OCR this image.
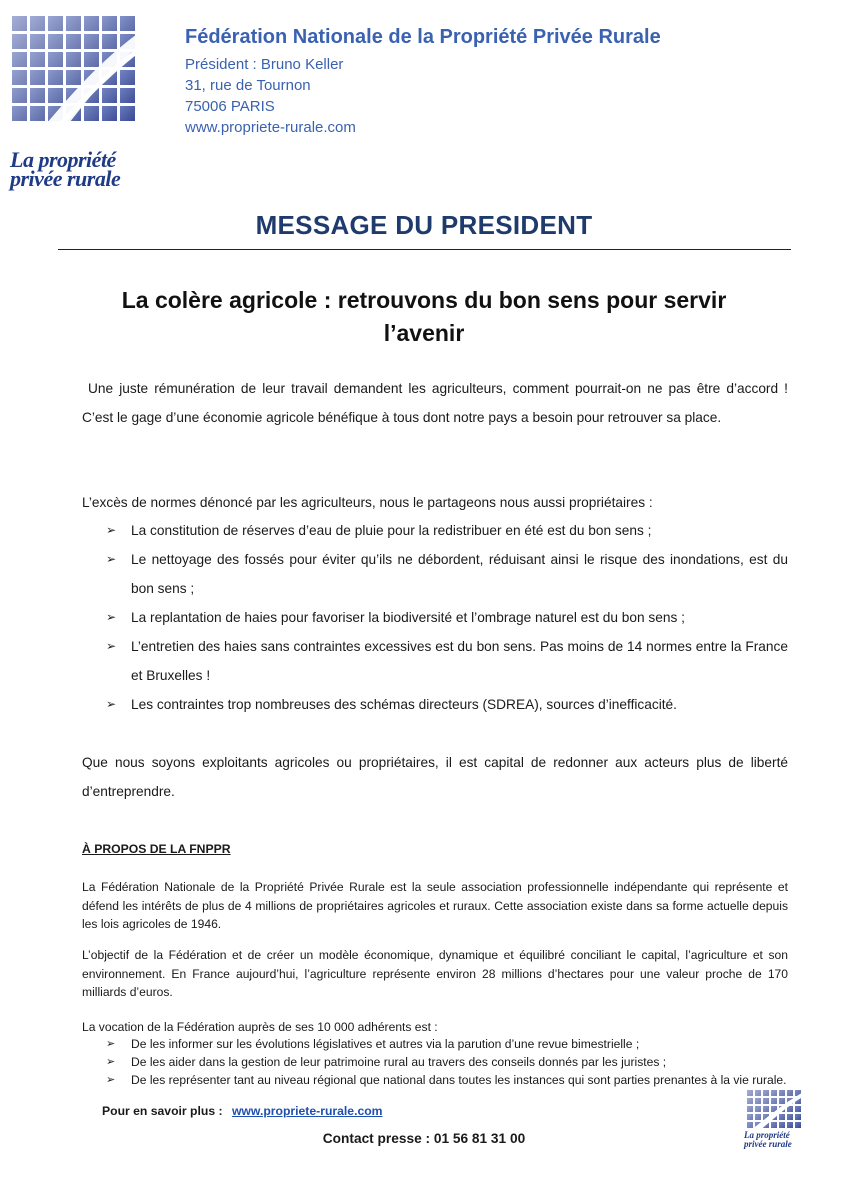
La propriété
privée rurale
Fédération Nationale de la Propriété Privée Rurale
Président : Bruno Keller
31, rue de Tournon
75006 PARIS
www.propriete-rurale.com
MESSAGE DU PRESIDENT
La colère agricole : retrouvons du bon sens pour servir
l’avenir
Une juste rémunération de leur travail demandent les agriculteurs, comment pourrait-on ne pas être d’accord ! C’est le gage d’une économie agricole bénéfique à tous dont notre pays a besoin pour retrouver sa place.
L’excès de normes dénoncé par les agriculteurs, nous le partageons nous aussi propriétaires :
➢ La constitution de réserves d’eau de pluie pour la redistribuer en été est du bon sens ;
➢ Le nettoyage des fossés pour éviter qu’ils ne débordent, réduisant ainsi le risque des inondations, est du bon sens ;
➢ La replantation de haies pour favoriser la biodiversité et l’ombrage naturel est du bon sens ;
➢ L’entretien des haies sans contraintes excessives est du bon sens. Pas moins de 14 normes entre la France et Bruxelles !
➢ Les contraintes trop nombreuses des schémas directeurs (SDREA), sources d’inefficacité.
Que nous soyons exploitants agricoles ou propriétaires, il est capital de redonner aux acteurs plus de liberté d’entreprendre.
À PROPOS DE LA FNPPR
La Fédération Nationale de la Propriété Privée Rurale est la seule association professionnelle indépendante qui représente et défend les intérêts de plus de 4 millions de propriétaires agricoles et ruraux. Cette association existe dans sa forme actuelle depuis les lois agricoles de 1946.
L’objectif de la Fédération et de créer un modèle économique, dynamique et équilibré conciliant le capital, l’agriculture et son environnement. En France aujourd’hui, l’agriculture représente environ 28 millions d’hectares pour une valeur proche de 170 milliards d’euros.
La vocation de la Fédération auprès de ses 10 000 adhérents est :
➢ De les informer sur les évolutions législatives et autres via la parution d’une revue bimestrielle ;
➢ De les aider dans la gestion de leur patrimoine rural au travers des conseils donnés par les juristes ;
➢ De les représenter tant au niveau régional que national dans toutes les instances qui sont parties prenantes à la vie rurale.
Pour en savoir plus : www.propriete-rurale.com
La propriété
privée rurale
Contact presse : 01 56 81 31 00
